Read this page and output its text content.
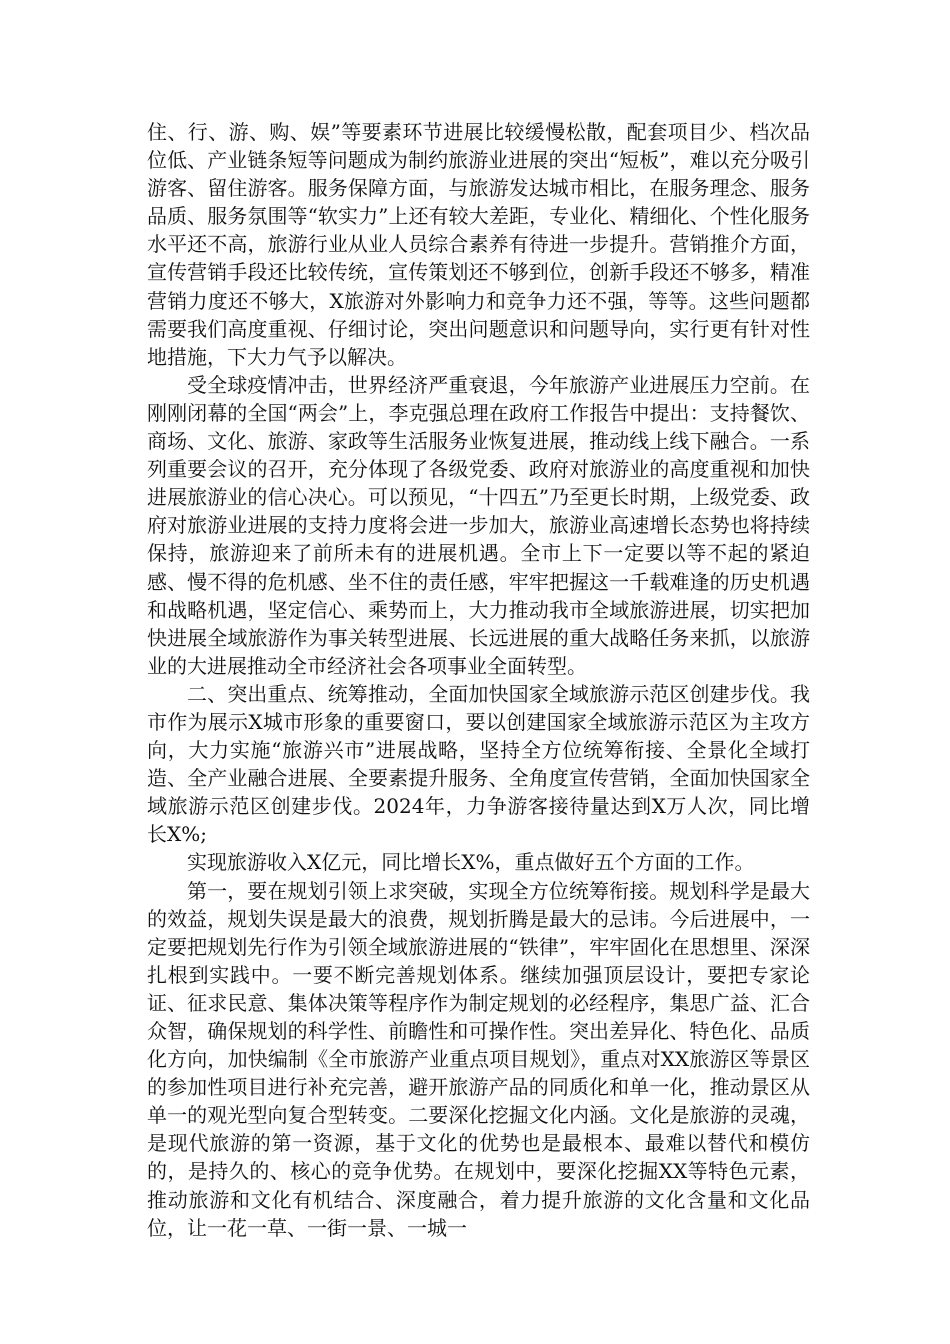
住、行、游、购、娱”等要素环节进展比较缓慢松散，配套项目少、档次品位低、产业链条短等问题成为制约旅游业进展的突出“短板”，难以充分吸引游客、留住游客。服务保障方面，与旅游发达城市相比，在服务理念、服务品质、服务氛围等“软实力”上还有较大差距，专业化、精细化、个性化服务水平还不高，旅游行业从业人员综合素养有待进一步提升。营销推介方面，宣传营销手段还比较传统，宣传策划还不够到位，创新手段还不够多，精准营销力度还不够大，X旅游对外影响力和竞争力还不强，等等。这些问题都需要我们高度重视、仔细讨论，突出问题意识和问题导向，实行更有针对性地措施，下大力气予以解决。

受全球疫情冲击，世界经济严重衰退，今年旅游产业进展压力空前。在刚刚闭幕的全国“两会”上，李克强总理在政府工作报告中提出：支持餐饮、商场、文化、旅游、家政等生活服务业恢复进展，推动线上线下融合。一系列重要会议的召开，充分体现了各级党委、政府对旅游业的高度重视和加快进展旅游业的信心决心。可以预见，“十四五”乃至更长时期，上级党委、政府对旅游业进展的支持力度将会进一步加大，旅游业高速增长态势也将持续保持，旅游迎来了前所未有的进展机遇。全市上下一定要以等不起的紧迫感、慢不得的危机感、坐不住的责任感，牢牢把握这一千载难逢的历史机遇和战略机遇，坚定信心、乘势而上，大力推动我市全域旅游进展，切实把加快进展全域旅游作为事关转型进展、长远进展的重大战略任务来抓，以旅游业的大进展推动全市经济社会各项事业全面转型。

二、突出重点、统筹推动，全面加快国家全域旅游示范区创建步伐。我市作为展示X城市形象的重要窗口，要以创建国家全域旅游示范区为主攻方向，大力实施“旅游兴市”进展战略，坚持全方位统筹衔接、全景化全域打造、全产业融合进展、全要素提升服务、全角度宣传营销，全面加快国家全域旅游示范区创建步伐。2024年，力争游客接待量达到X万人次，同比增长X%;

实现旅游收入X亿元，同比增长X%，重点做好五个方面的工作。

第一，要在规划引领上求突破，实现全方位统筹衔接。规划科学是最大的效益，规划失误是最大的浪费，规划折腾是最大的忌讳。今后进展中，一定要把规划先行作为引领全域旅游进展的“铁律”，牢牢固化在思想里、深深扎根到实践中。一要不断完善规划体系。继续加强顶层设计，要把专家论证、征求民意、集体决策等程序作为制定规划的必经程序，集思广益、汇合众智，确保规划的科学性、前瞻性和可操作性。突出差异化、特色化、品质化方向，加快编制《全市旅游产业重点项目规划》，重点对XX旅游区等景区的参加性项目进行补充完善，避开旅游产品的同质化和单一化，推动景区从单一的观光型向复合型转变。二要深化挖掘文化内涵。文化是旅游的灵魂，是现代旅游的第一资源，基于文化的优势也是最根本、最难以替代和模仿的，是持久的、核心的竞争优势。在规划中，要深化挖掘XX等特色元素，推动旅游和文化有机结合、深度融合，着力提升旅游的文化含量和文化品位，让一花一草、一街一景、一城一
